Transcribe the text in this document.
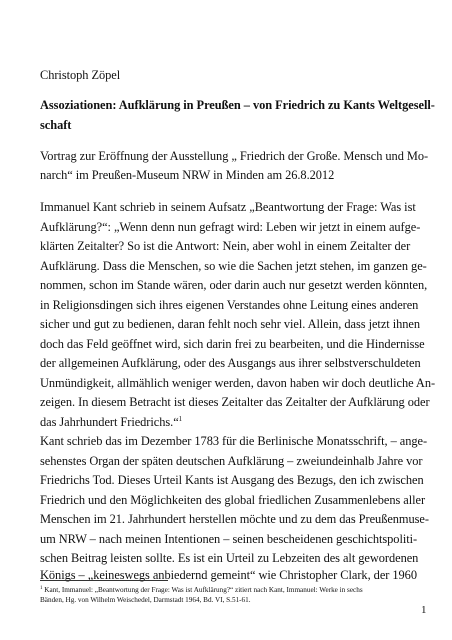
Christoph Zöpel
Assoziationen: Aufklärung in Preußen – von Friedrich zu Kants Weltgesell-
schaft
Vortrag zur Eröffnung der Ausstellung „ Friedrich der Große. Mensch und Mo-
narch“ im Preußen-Museum NRW in Minden am 26.8.2012
Immanuel Kant schrieb in seinem Aufsatz „Beantwortung der Frage: Was ist
Aufklärung?“: „Wenn denn nun gefragt wird: Leben wir jetzt in einem aufge-
klärten Zeitalter? So ist die Antwort: Nein, aber wohl in einem Zeitalter der
Aufklärung. Dass die Menschen, so wie die Sachen jetzt stehen, im ganzen ge-
nommen, schon im Stande wären, oder darin auch nur gesetzt werden könnten,
in Religionsdingen sich ihres eigenen Verstandes ohne Leitung eines anderen
sicher und gut zu bedienen, daran fehlt noch sehr viel. Allein, dass jetzt ihnen
doch das Feld geöffnet wird, sich darin frei zu bearbeiten, und die Hindernisse
der allgemeinen Aufklärung, oder des Ausgangs aus ihrer selbstverschuldeten
Unmündigkeit, allmählich weniger werden, davon haben wir doch deutliche An-
zeigen. In diesem Betracht ist dieses Zeitalter das Zeitalter der Aufklärung oder
das Jahrhundert Friedrichs.“$^1$
Kant schrieb das im Dezember 1783 für die Berlinische Monatsschrift, – ange-
sehenstes Organ der späten deutschen Aufklärung – zweiundeinhalb Jahre vor
Friedrichs Tod. Dieses Urteil Kants ist Ausgang des Bezugs, den ich zwischen
Friedrich und den Möglichkeiten des global friedlichen Zusammenlebens aller
Menschen im 21. Jahrhundert herstellen möchte und zu dem das Preußenmuse-
um NRW – nach meinen Intentionen – seinen bescheidenen geschichtspoliti-
schen Beitrag leisten sollte. Es ist ein Urteil zu Lebzeiten des alt gewordenen
Königs – „keineswegs anbiedernd gemeint“ wie Christopher Clark, der 1960
$^1$ Kant, Immanuel: „Beantwortung der Frage: Was ist Aufklärung?“ zitiert nach Kant, Immanuel: Werke in sechs
Bänden, Hg. von Wilhelm Weischedel, Darmstadt 1964, Bd. VI, S.51-61.
1
